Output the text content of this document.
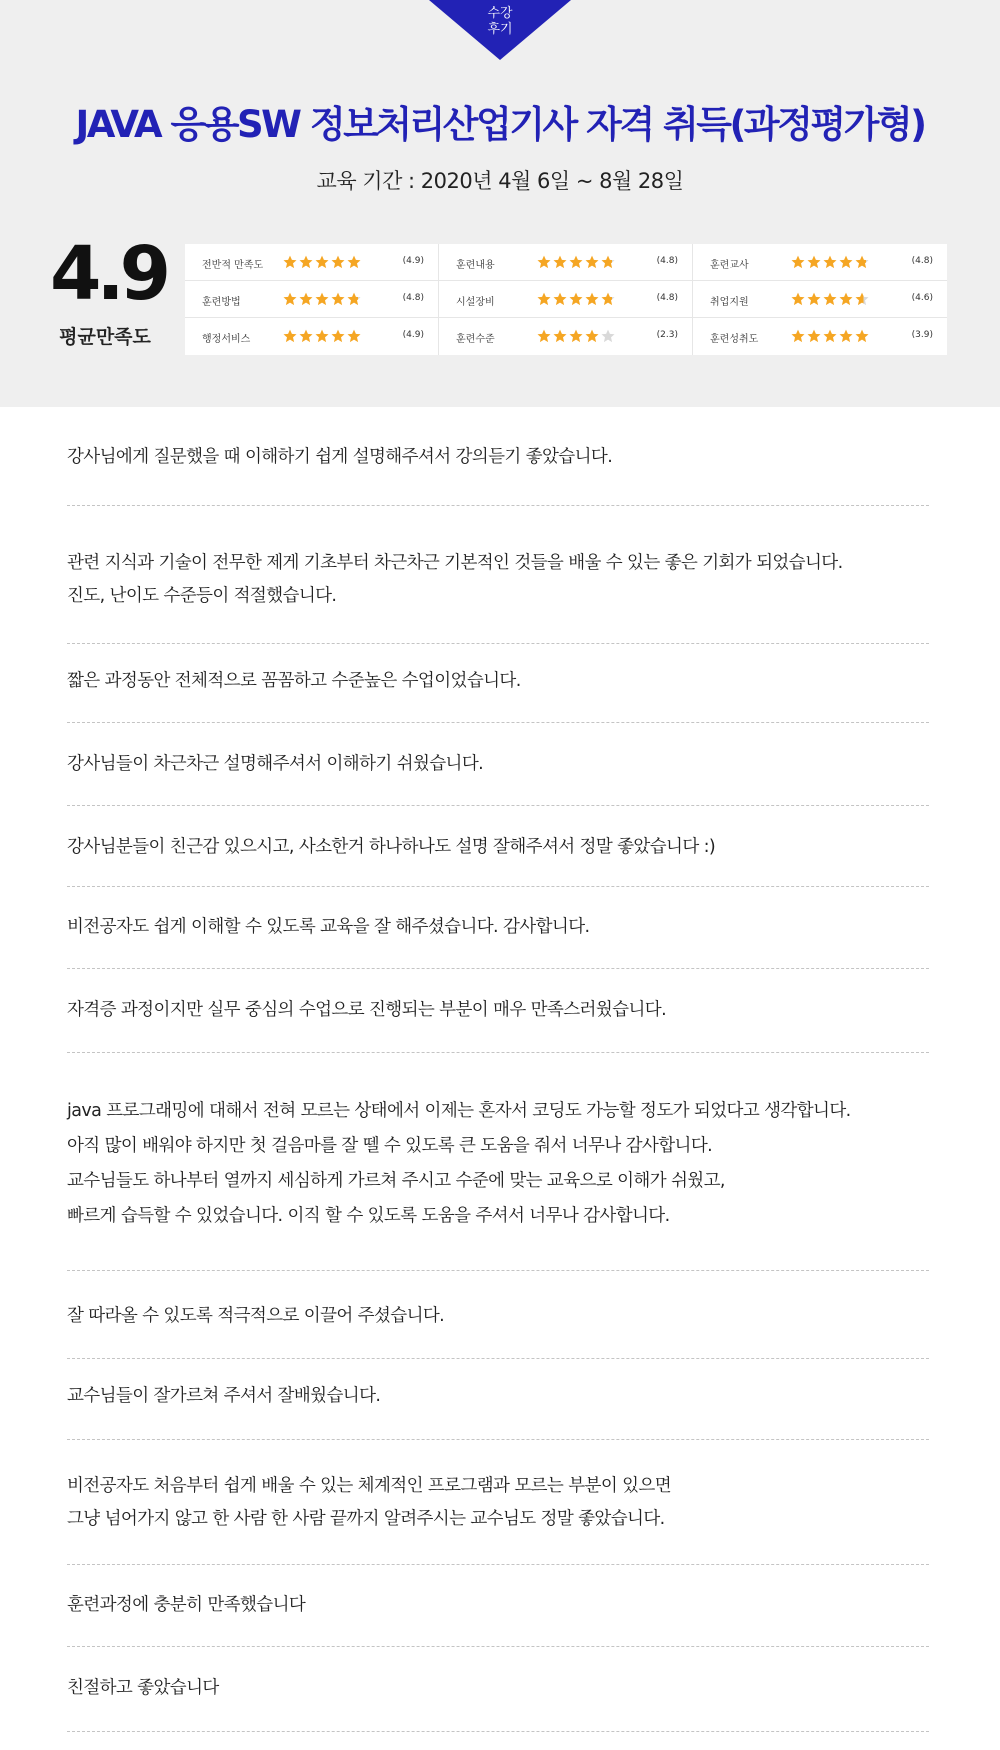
수강
후기
JAVA 응용SW 정보처리산업기사 자격 취득(과정평가형)
교육 기간 : 2020년 4월 6일 ~ 8월 28일
4.9
평균만족도
전반적 만족도	(4.9)	훈련내용	(4.8)	훈련교사	(4.8)
훈련방법	(4.8)	시설장비	(4.8)	취업지원	(4.6)
행정서비스	(4.9)	훈련수준	(2.3)	훈련성취도	(3.9)
강사님에게 질문했을 때 이해하기 쉽게 설명해주셔서 강의듣기 좋았습니다.
관련 지식과 기술이 전무한 제게 기초부터 차근차근 기본적인 것들을 배울 수 있는 좋은 기회가 되었습니다.
진도, 난이도 수준등이 적절했습니다.
짧은 과정동안 전체적으로 꼼꼼하고 수준높은 수업이었습니다.
강사님들이 차근차근 설명해주셔서 이해하기 쉬웠습니다.
강사님분들이 친근감 있으시고, 사소한거 하나하나도 설명 잘해주셔서 정말 좋았습니다 :)
비전공자도 쉽게 이해할 수 있도록 교육을 잘 해주셨습니다. 감사합니다.
자격증 과정이지만 실무 중심의 수업으로 진행되는 부분이 매우 만족스러웠습니다.
java 프로그래밍에 대해서 전혀 모르는 상태에서 이제는 혼자서 코딩도 가능할 정도가 되었다고 생각합니다.
아직 많이 배워야 하지만 첫 걸음마를 잘 뗄 수 있도록 큰 도움을 줘서 너무나 감사합니다.
교수님들도 하나부터 열까지 세심하게 가르쳐 주시고 수준에 맞는 교육으로 이해가 쉬웠고,
빠르게 습득할 수 있었습니다. 이직 할 수 있도록 도움을 주셔서 너무나 감사합니다.
잘 따라올 수 있도록 적극적으로 이끌어 주셨습니다.
교수님들이 잘가르쳐 주셔서 잘배웠습니다.
비전공자도 처음부터 쉽게 배울 수 있는 체계적인 프로그램과 모르는 부분이 있으면
그냥 넘어가지 않고 한 사람 한 사람 끝까지 알려주시는 교수님도 정말 좋았습니다.
훈련과정에 충분히 만족했습니다
친절하고 좋았습니다
